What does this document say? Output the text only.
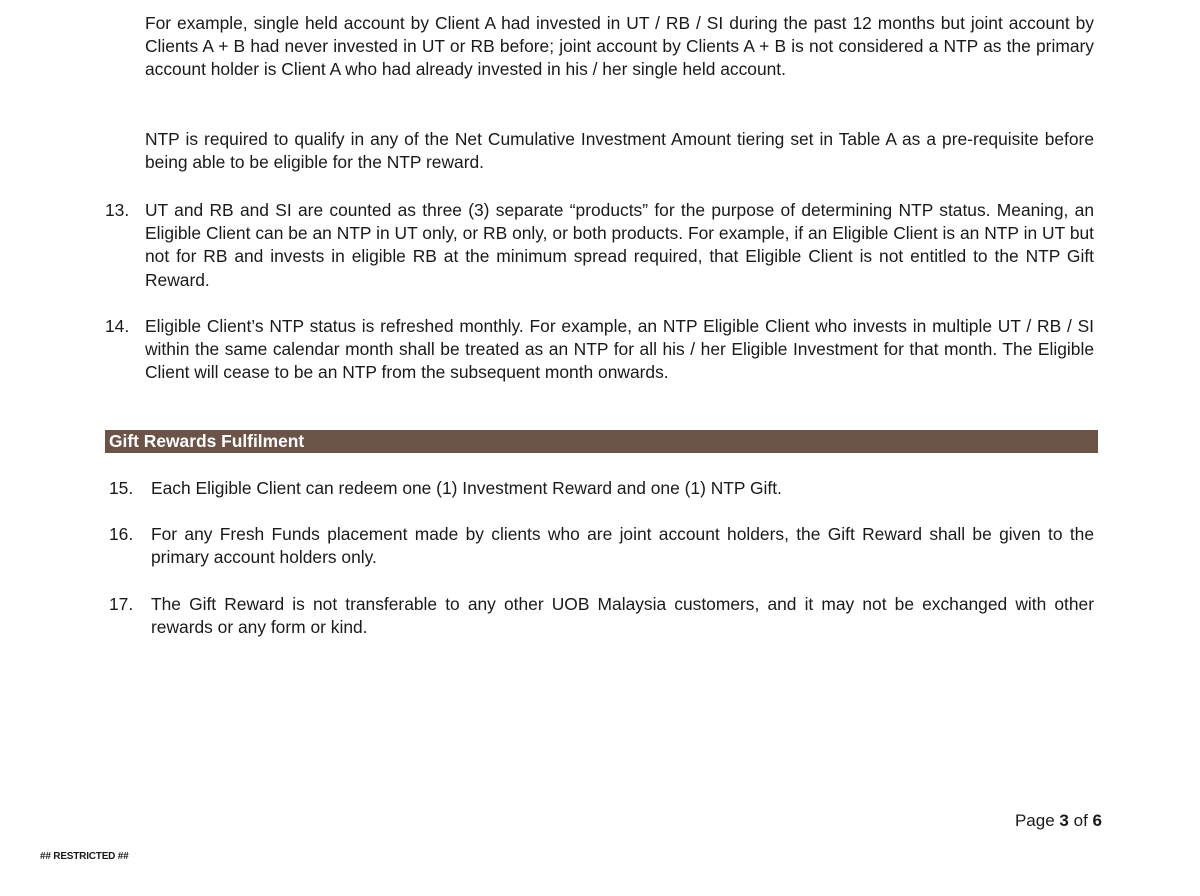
For example, single held account by Client A had invested in UT / RB / SI during the past 12 months but joint account by Clients A + B had never invested in UT or RB before; joint account by Clients A + B is not considered a NTP as the primary account holder is Client A who had already invested in his / her single held account.

NTP is required to qualify in any of the Net Cumulative Investment Amount tiering set in Table A as a pre-requisite before being able to be eligible for the NTP reward.

13. UT and RB and SI are counted as three (3) separate “products” for the purpose of determining NTP status. Meaning, an Eligible Client can be an NTP in UT only, or RB only, or both products. For example, if an Eligible Client is an NTP in UT but not for RB and invests in eligible RB at the minimum spread required, that Eligible Client is not entitled to the NTP Gift Reward.
14. Eligible Client’s NTP status is refreshed monthly. For example, an NTP Eligible Client who invests in multiple UT / RB / SI within the same calendar month shall be treated as an NTP for all his / her Eligible Investment for that month. The Eligible Client will cease to be an NTP from the subsequent month onwards.
Gift Rewards Fulfilment
15. Each Eligible Client can redeem one (1) Investment Reward and one (1) NTP Gift.
16. For any Fresh Funds placement made by clients who are joint account holders, the Gift Reward shall be given to the primary account holders only.
17. The Gift Reward is not transferable to any other UOB Malaysia customers, and it may not be exchanged with other rewards or any form or kind.
Page 3 of 6
## RESTRICTED ##
